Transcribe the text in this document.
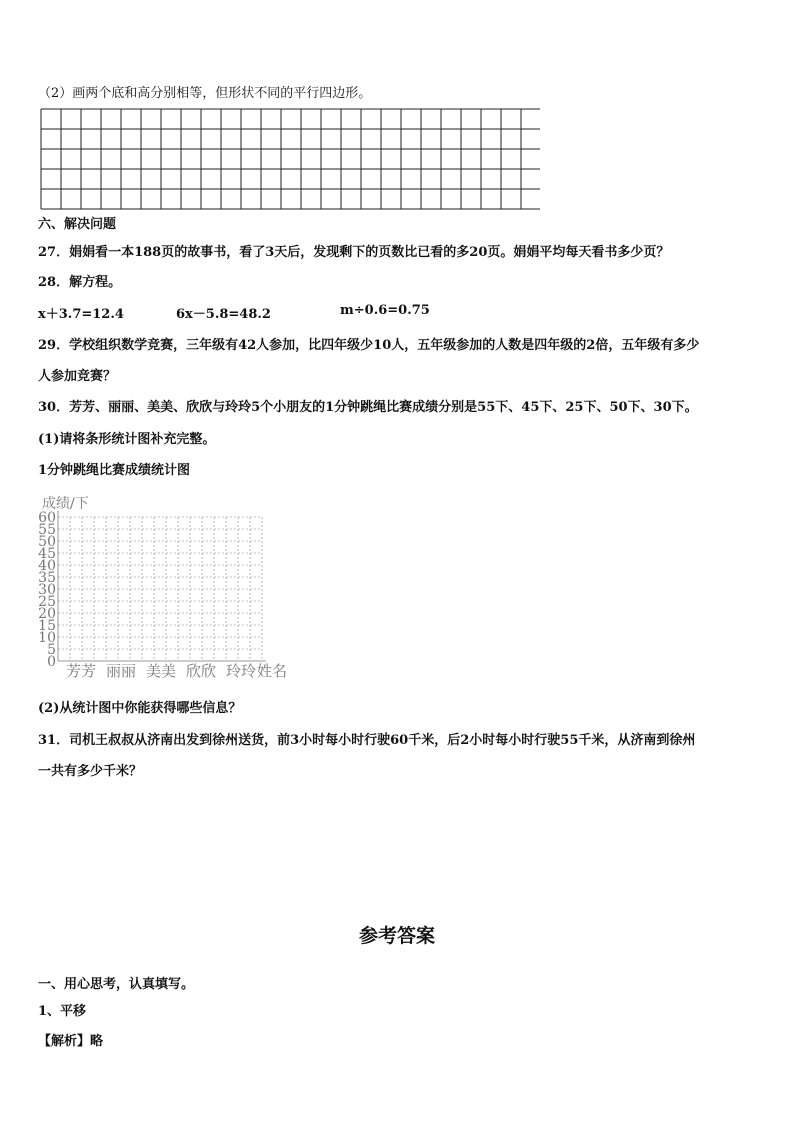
（2）画两个底和高分别相等，但形状不同的平行四边形。
六、解决问题
27．娟娟看一本188页的故事书，看了3天后，发现剩下的页数比已看的多20页。娟娟平均每天看书多少页？
28．解方程。
x＋3.7=12.4	6x－5.8=48.2	m÷0.6=0.75
29．学校组织数学竞赛，三年级有42人参加，比四年级少10人，五年级参加的人数是四年级的2倍，五年级有多少
人参加竞赛？
30．芳芳、丽丽、美美、欣欣与玲玲5个小朋友的1分钟跳绳比赛成绩分别是55下、45下、25下、50下、30下。
(1)请将条形统计图补充完整。
1分钟跳绳比赛成绩统计图
成绩/下
0
5
10
15
20
25
30
35
40
45
50
55
60
芳芳 丽丽 美美 欣欣 玲玲 姓名
(2)从统计图中你能获得哪些信息？
31．司机王叔叔从济南出发到徐州送货，前3小时每小时行驶60千米，后2小时每小时行驶55千米，从济南到徐州
一共有多少千米？
参考答案
一、用心思考，认真填写。
1、平移
【解析】略
